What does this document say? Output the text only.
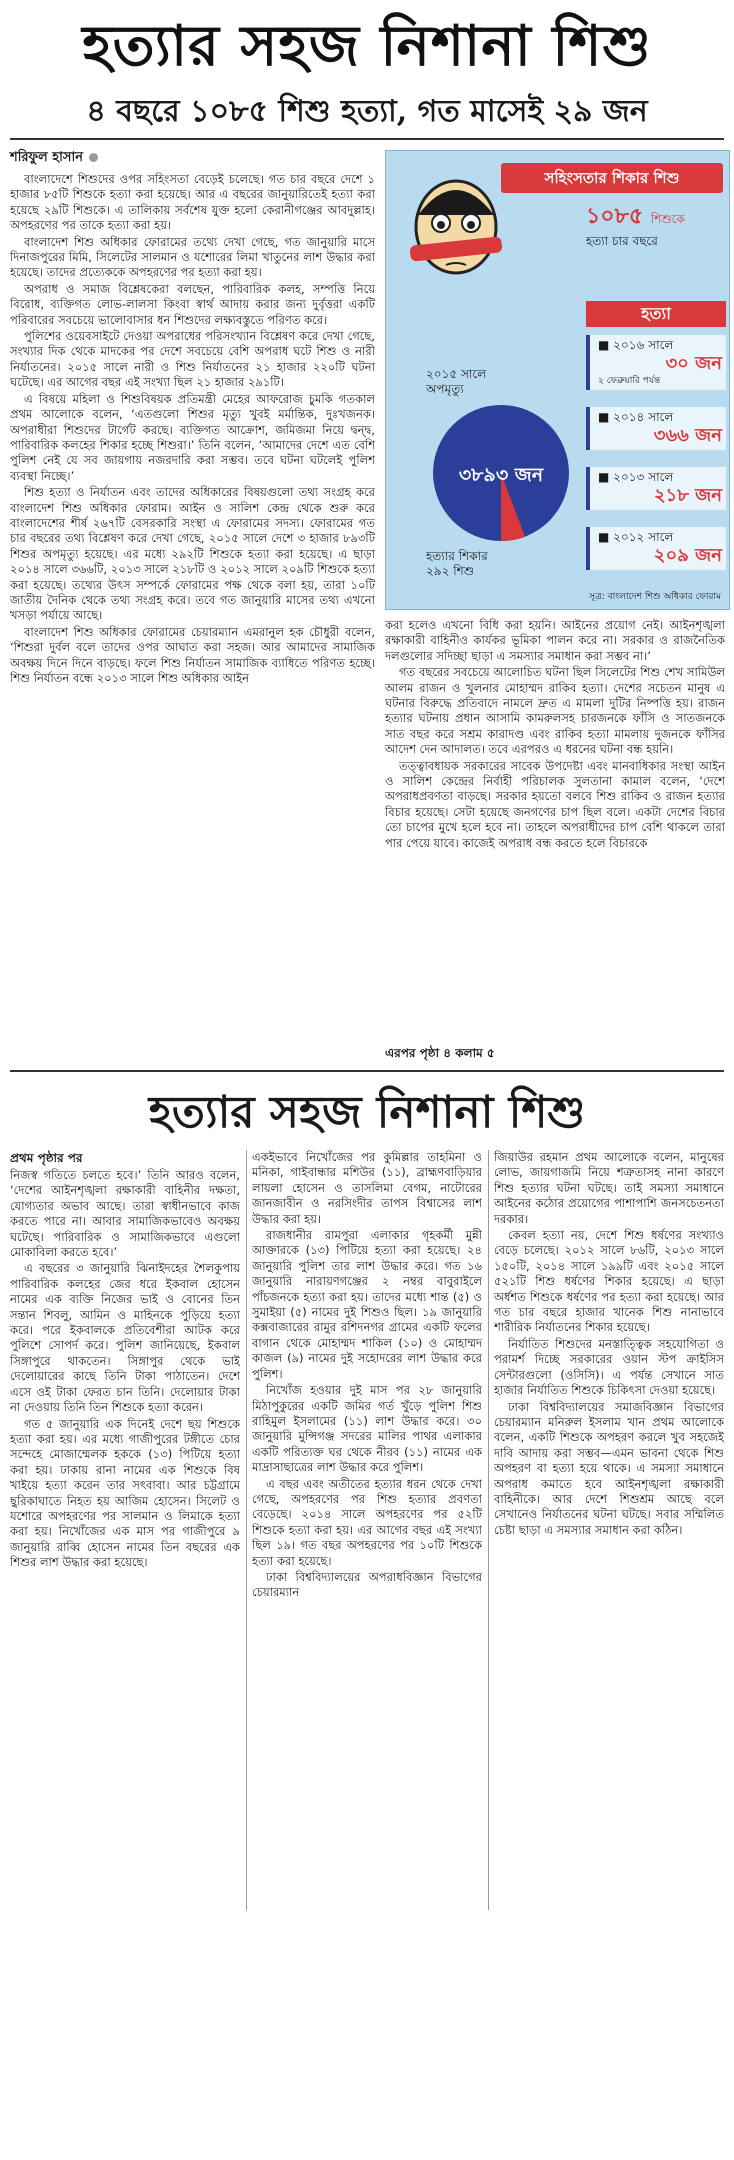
হত্যার সহজ নিশানা শিশু
৪ বছরে ১০৮৫ শিশু হত্যা, গত মাসেই ২৯ জন
শরিফুল হাসান

বাংলাদেশে শিশুদের ওপর সহিংসতা বেড়েই চলেছে। গত চার বছরে দেশে ১ হাজার ৮৫টি শিশুকে হত্যা করা হয়েছে। আর এ বছরের জানুয়ারিতেই হত্যা করা হয়েছে ২৯টি শিশুকে। এ তালিকায় সর্বশেষ যুক্ত হলো কেরানীগঞ্জের আবদুল্লাহ। অপহরণের পর তাকে হত্যা করা হয়।

বাংলাদেশ শিশু অধিকার ফোরামের তথ্যে দেখা গেছে, গত জানুয়ারি মাসে দিনাজপুরের মিমি, সিলেটের সালমান ও যশোরের লিমা খাতুনের লাশ উদ্ধার করা হয়েছে। তাদের প্রত্যেককে অপহরণের পর হত্যা করা হয়।

অপরাধ ও সমাজ বিশ্লেষকেরা বলছেন, পারিবারিক কলহ, সম্পত্তি নিয়ে বিরোধ, ব্যক্তিগত লোভ-লালসা কিংবা স্বার্থ আদায় করার জন্য দুর্বৃত্তরা একটি পরিবারের সবচেয়ে ভালোবাসার ধন শিশুদের লক্ষ্যবস্তুতে পরিণত করে।

পুলিশের ওয়েবসাইটে দেওয়া অপরাধের পরিসংখ্যান বিশ্লেষণ করে দেখা গেছে, সংখ্যার দিক থেকে মাদকের পর দেশে সবচেয়ে বেশি অপরাধ ঘটে শিশু ও নারী নির্যাতনের। ২০১৫ সালে নারী ও শিশু নির্যাতনের ২১ হাজার ২২০টি ঘটনা ঘটেছে। এর আগের বছর এই সংখ্যা ছিল ২১ হাজার ২৯১টি।

এ বিষয়ে মহিলা ও শিশুবিষয়ক প্রতিমন্ত্রী মেহের আফরোজ চুমকি গতকাল প্রথম আলোকে বলেন, ‘এতগুলো শিশুর মৃত্যু খুবই মর্মান্তিক, দুঃখজনক। অপরাধীরা শিশুদের টার্গেট করছে। ব্যক্তিগত আক্রোশ, জমিজমা নিয়ে দ্বন্দ্ব, পারিবারিক কলহের শিকার হচ্ছে শিশুরা।’ তিনি বলেন, ‘আমাদের দেশে এত বেশি পুলিশ নেই যে সব জায়গায় নজরদারি করা সম্ভব। তবে ঘটনা ঘটলেই পুলিশ ব্যবস্থা নিচ্ছে।’

শিশু হত্যা ও নির্যাতন এবং তাদের অধিকারের বিষয়গুলো তথ্য সংগ্রহ করে বাংলাদেশ শিশু অধিকার ফোরাম। আইন ও সালিশ কেন্দ্র থেকে শুরু করে বাংলাদেশের শীর্ষ ২৬৭টি বেসরকারি সংস্থা এ ফোরামের সদস্য। ফোরামের গত চার বছরের তথ্য বিশ্লেষণ করে দেখা গেছে, ২০১৫ সালে দেশে ৩ হাজার ৮৯৩টি শিশুর অপমৃত্যু হয়েছে। এর মধ্যে ২৯২টি শিশুকে হত্যা করা হয়েছে। এ ছাড়া ২০১৪ সালে ৩৬৬টি, ২০১৩ সালে ২১৮টি ও ২০১২ সালে ২০৯টি শিশুকে হত্যা করা হয়েছে। তথ্যের উৎস সম্পর্কে ফোরামের পক্ষ থেকে বলা হয়, তারা ১০টি জাতীয় দৈনিক থেকে তথ্য সংগ্রহ করে। তবে গত জানুয়ারি মাসের তথ্য এখনো খসড়া পর্যায়ে আছে।

বাংলাদেশ শিশু অধিকার ফোরামের চেয়ারম্যান এমরানুল হক চৌধুরী বলেন, ‘শিশুরা দুর্বল বলে তাদের ওপর আঘাত করা সহজ। আর আমাদের সামাজিক অবক্ষয় দিনে দিনে বাড়ছে। ফলে শিশু নির্যাতন সামাজিক ব্যাধিতে পরিণত হচ্ছে। শিশু নির্যাতন বন্ধে ২০১৩ সালে শিশু অধিকার আইন

সহিংসতার শিকার শিশু
১০৮৫ শিশুকে
হত্যা চার বছরে
হত্যা
■ ২০১৬ সালে
৩০ জন
২ ফেব্রুয়ারি পর্যন্ত
■ ২০১৪ সালে
৩৬৬ জন
■ ২০১৩ সালে
২১৮ জন
■ ২০১২ সালে
২০৯ জন
২০১৫ সালে
অপমৃত্যু
৩৮৯৩ জন
হত্যার শিকার
২৯২ শিশু
সূত্র: বাংলাদেশ শিশু অধিকার ফোরাম

করা হলেও এখনো বিধি করা হয়নি। আইনের প্রয়োগ নেই। আইনশৃঙ্খলা রক্ষাকারী বাহিনীও কার্যকর ভূমিকা পালন করে না। সরকার ও রাজনৈতিক দলগুলোর সদিচ্ছা ছাড়া এ সমস্যার সমাধান করা সম্ভব না।’

গত বছরের সবচেয়ে আলোচিত ঘটনা ছিল সিলেটের শিশু শেখ সামিউল আলম রাজন ও খুলনার মোহাম্মদ রাকিব হত্যা। দেশের সচেতন মানুষ এ ঘটনার বিরুদ্ধে প্রতিবাদে নামলে দ্রুত এ মামলা দুটির নিষ্পত্তি হয়। রাজন হত্যার ঘটনায় প্রধান আসামি কামরুলসহ চারজনকে ফাঁসি ও সাতজনকে সাত বছর করে সশ্রম কারাদণ্ড এবং রাকিব হত্যা মামলায় দুজনকে ফাঁসির আদেশ দেন আদালত। তবে এরপরও এ ধরনের ঘটনা বন্ধ হয়নি।

তত্ত্বাবধায়ক সরকারের সাবেক উপদেষ্টা এবং মানবাধিকার সংস্থা আইন ও সালিশ কেন্দ্রের নির্বাহী পরিচালক সুলতানা কামাল বলেন, ‘দেশে অপরাধপ্রবণতা বাড়ছে। সরকার হয়তো বলবে শিশু রাকিব ও রাজন হত্যার বিচার হয়েছে। সেটা হয়েছে জনগণের চাপ ছিল বলে। একটা দেশের বিচার তো চাপের মুখে হলে হবে না। তাহলে অপরাধীদের চাপ বেশি থাকলে তারা পার পেয়ে যাবে। কাজেই অপরাধ বন্ধ করতে হলে বিচারকে

এরপর পৃষ্ঠা ৪ কলাম ৫
হত্যার সহজ নিশানা শিশু
প্রথম পৃষ্ঠার পর

নিজস্ব গতিতে চলতে হবে।’ তিনি আরও বলেন, ‘দেশের আইনশৃঙ্খলা রক্ষাকারী বাহিনীর দক্ষতা, যোগ্যতার অভাব আছে। তারা স্বাধীনভাবে কাজ করতে পারে না। আবার সামাজিকভাবেও অবক্ষয় ঘটেছে। পারিবারিক ও সামাজিকভাবে এগুলো মোকাবিলা করতে হবে।’

এ বছরের ৩ জানুয়ারি ঝিনাইদহের শৈলকুপায় পারিবারিক কলহের জের ধরে ইকবাল হোসেন নামের এক ব্যক্তি নিজের ভাই ও বোনের তিন সন্তান শিবলু, আমিন ও মাহিনকে পুড়িয়ে হত্যা করে। পরে ইকবালকে প্রতিবেশীরা আটক করে পুলিশে সোপর্দ করে। পুলিশ জানিয়েছে, ইকবাল সিঙ্গাপুরে থাকতেন। সিঙ্গাপুর থেকে ভাই দেলোয়ারের কাছে তিনি টাকা পাঠাতেন। দেশে এসে ওই টাকা ফেরত চান তিনি। দেলোয়ার টাকা না দেওয়ায় তিনি তিন শিশুকে হত্যা করেন।

গত ৫ জানুয়ারি এক দিনেই দেশে ছয় শিশুকে হত্যা করা হয়। এর মধ্যে গাজীপুরের টঙ্গীতে চোর সন্দেহে মোজাম্মেলক হককে (১৩) পিটিয়ে হত্যা করা হয়। ঢাকায় রানা নামের এক শিশুকে বিষ খাইয়ে হত্যা করেন তার সৎবাবা। আর চট্টগ্রামে ছুরিকাঘাতে নিহত হয় আজিম হোসেন। সিলেট ও যশোরে অপহরণের পর সালমান ও লিমাকে হত্যা করা হয়। নিখোঁজের এক মাস পর গাজীপুরে ৯ জানুয়ারি রাব্বি হোসেন নামের তিন বছরের এক শিশুর লাশ উদ্ধার করা হয়েছে।

একইভাবে নিখোঁজের পর কুমিল্লার তাহমিনা ও মনিকা, গাইবান্ধার মশিউর (১১), ব্রাহ্মণবাড়িয়ার লায়লা হোসেন ও তাসলিমা বেগম, নাটোরের জানজাবীন ও নরসিংদীর তাপস বিশ্বাসের লাশ উদ্ধার করা হয়।

রাজধানীর রামপুরা এলাকার গৃহকর্মী মুন্নী আক্তারকে (১৩) পিটিয়ে হত্যা করা হয়েছে। ২৪ জানুয়ারি পুলিশ তার লাশ উদ্ধার করে। গত ১৬ জানুয়ারি নারায়ণগঞ্জের ২ নম্বর বাবুরাইলে পাঁচজনকে হত্যা করা হয়। তাদের মধ্যে শান্ত (৫) ও সুমাইয়া (৫) নামের দুই শিশুও ছিল। ১৯ জানুয়ারি কক্সবাজারের রামুর রশিদনগর গ্রামের একটি ফলের বাগান থেকে মোহাম্মদ শাকিল (১০) ও মোহাম্মদ কাজল (৯) নামের দুই সহোদরের লাশ উদ্ধার করে পুলিশ।

নিখোঁজ হওয়ার দুই মাস পর ২৮ জানুয়ারি মিঠাপুকুরের একটি জমির গর্ত খুঁড়ে পুলিশ শিশু রাহিমুল ইসলামের (১১) লাশ উদ্ধার করে। ৩০ জানুয়ারি মুন্সিগঞ্জ সদরের মালির পাথর এলাকার একটি পরিত্যক্ত ঘর থেকে নীরব (১১) নামের এক মাদ্রাসাছাত্রের লাশ উদ্ধার করে পুলিশ।

এ বছর এবং অতীতের হত্যার ধরন থেকে দেখা গেছে, অপহরণের পর শিশু হত্যার প্রবণতা বেড়েছে। ২০১৪ সালে অপহরণের পর ৫২টি শিশুকে হত্যা করা হয়। এর আগের বছর এই সংখ্যা ছিল ১৯। গত বছর অপহরণের পর ১০টি শিশুকে হত্যা করা হয়েছে।

ঢাকা বিশ্ববিদ্যালয়ের অপরাধবিজ্ঞান বিভাগের চেয়ারম্যান

জিয়াউর রহমান প্রথম আলোকে বলেন, মানুষের লোভ, জায়গাজমি নিয়ে শত্রুতাসহ নানা কারণে শিশু হত্যার ঘটনা ঘটছে। তাই সমস্যা সমাধানে আইনের কঠোর প্রয়োগের পাশাপাশি জনসচেতনতা দরকার।

কেবল হত্যা নয়, দেশে শিশু ধর্ষণের সংখ্যাও বেড়ে চলেছে। ২০১২ সালে ৮৬টি, ২০১৩ সালে ১৫০টি, ২০১৪ সালে ১৯৯টি এবং ২০১৫ সালে ৫২১টি শিশু ধর্ষণের শিকার হয়েছে। এ ছাড়া অর্ধশত শিশুকে ধর্ষণের পর হত্যা করা হয়েছে। আর গত চার বছরে হাজার খানেক শিশু নানাভাবে শারীরিক নির্যাতনের শিকার হয়েছে।

নির্যাতিত শিশুদের মনস্তাত্ত্বিক সহযোগিতা ও পরামর্শ দিচ্ছে সরকারের ওয়ান স্টপ ক্রাইসিস সেন্টারগুলো (ওসিসি)। এ পর্যন্ত সেখানে সাত হাজার নির্যাতিত শিশুকে চিকিৎসা দেওয়া হয়েছে।

ঢাকা বিশ্ববিদ্যালয়ের সমাজবিজ্ঞান বিভাগের চেয়ারম্যান মনিরুল ইসলাম খান প্রথম আলোকে বলেন, একটি শিশুকে অপহরণ করলে খুব সহজেই দাবি আদায় করা সম্ভব—এমন ভাবনা থেকে শিশু অপহরণ বা হত্যা হয়ে থাকে। এ সমস্যা সমাধানে অপরাধ কমাতে হবে আইনশৃঙ্খলা রক্ষাকারী বাহিনীকে। আর দেশে শিশুশ্রম আছে বলে সেখানেও নির্যাতনের ঘটনা ঘটছে। সবার সম্মিলিত চেষ্টা ছাড়া এ সমস্যার সমাধান করা কঠিন।
